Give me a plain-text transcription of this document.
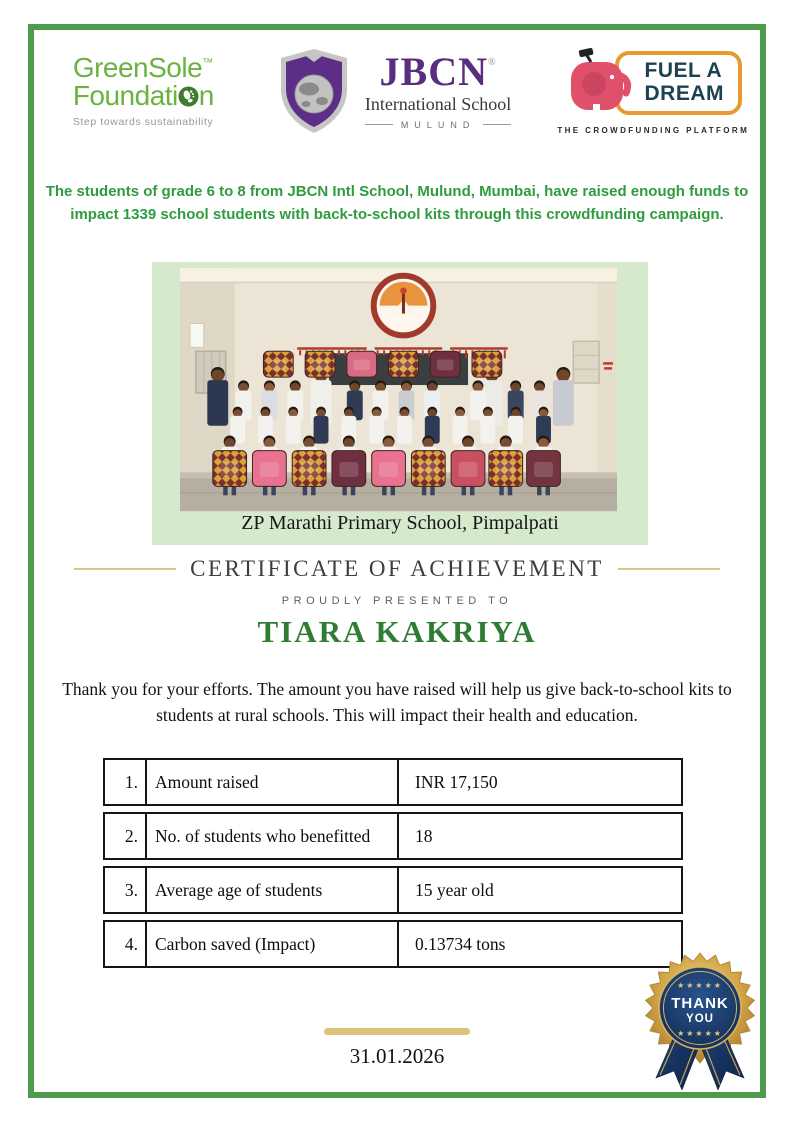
GreenSole™
Foundati n
Step towards sustainability
JBCN®
International School
MULUND
FUEL A
DREAM
THE CROWDFUNDING PLATFORM
The students of grade 6 to 8 from JBCN Intl School, Mulund, Mumbai, have raised enough funds to impact 1339 school students with back-to-school kits through this crowdfunding campaign.
ZP Marathi Primary School, Pimpalpati
CERTIFICATE OF ACHIEVEMENT
PROUDLY PRESENTED TO
TIARA KAKRIYA
Thank you for your efforts. The amount you have raised will help us give back-to-school kits to students at rural schools. This will impact their health and education.
1. Amount raised	INR 17,150
2. No. of students who benefitted	18
3. Average age of students	15 year old
4. Carbon saved (Impact)	0.13734 tons
★★★★★
THANK
YOU
★★★★★
31.01.2026
